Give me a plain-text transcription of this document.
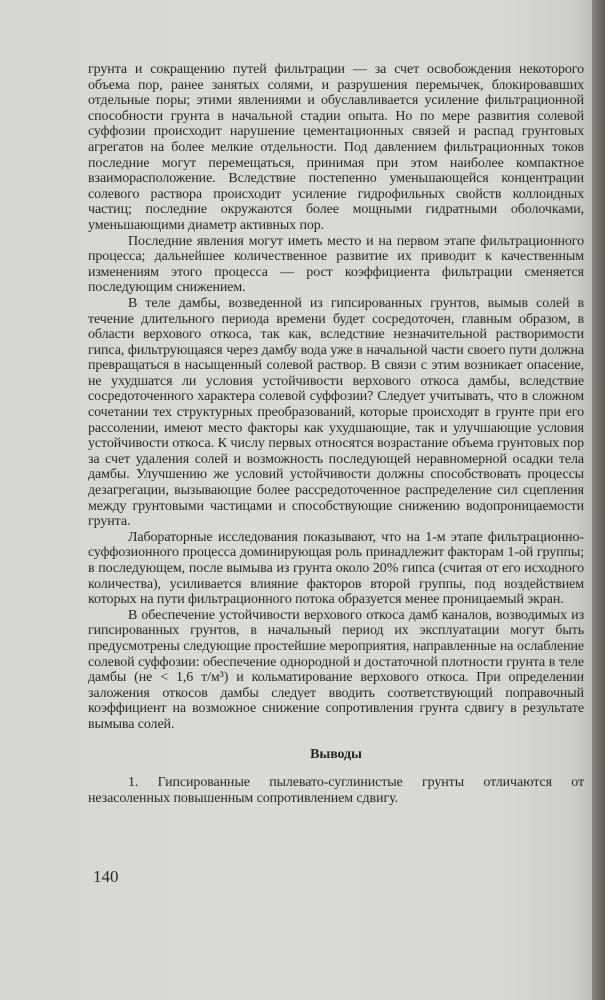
грунта и сокращению путей фильтрации — за счет освобождения некоторого объема пор, ранее занятых солями, и разрушения перемычек, блокировавших отдельные поры; этими явлениями и обуславливается усиление фильтрационной способности грунта в начальной стадии опыта. Но по мере развития солевой суффозии происходит нарушение цементационных связей и распад грунтовых агрегатов на более мелкие отдельности. Под давлением фильтрационных токов последние могут перемещаться, принимая при этом наиболее компактное взаиморасположение. Вследствие постепенно уменьшающейся концентрации солевого раствора происходит усиление гидрофильных свойств коллоидных частиц; последние окружаются более мощными гидратными оболочками, уменьшающими диаметр активных пор.

Последние явления могут иметь место и на первом этапе фильтрационного процесса; дальнейшее количественное развитие их приводит к качественным изменениям этого процесса — рост коэффициента фильтрации сменяется последующим снижением.

В теле дамбы, возведенной из гипсированных грунтов, вымыв солей в течение длительного периода времени будет сосредоточен, главным образом, в области верхового откоса, так как, вследствие незначительной растворимости гипса, фильтрующаяся через дамбу вода уже в начальной части своего пути должна превращаться в насыщенный солевой раствор. В связи с этим возникает опасение, не ухудшатся ли условия устойчивости верхового откоса дамбы, вследствие сосредоточенного характера солевой суффозии? Следует учитывать, что в сложном сочетании тех структурных преобразований, которые происходят в грунте при его рассолении, имеют место факторы как ухудшающие, так и улучшающие условия устойчивости откоса. К числу первых относятся возрастание объема грунтовых пор за счет удаления солей и возможность последующей неравномерной осадки тела дамбы. Улучшению же условий устойчивости должны способствовать процессы дезагрегации, вызывающие более рассредоточенное распределение сил сцепления между грунтовыми частицами и способствующие снижению водопроницаемости грунта.

Лабораторные исследования показывают, что на 1-м этапе фильтрационно-суффозионного процесса доминирующая роль принадлежит факторам 1-ой группы; в последующем, после вымыва из грунта около 20% гипса (считая от его исходного количества), усиливается влияние факторов второй группы, под воздействием которых на пути фильтрационного потока образуется менее проницаемый экран.

В обеспечение устойчивости верхового откоса дамб каналов, возводимых из гипсированных грунтов, в начальный период их эксплуатации могут быть предусмотрены следующие простейшие мероприятия, направленные на ослабление солевой суффозии: обеспечение однородной и достаточной плотности грунта в теле дамбы (не < 1,6 т/м³) и кольматирование верхового откоса. При определении заложения откосов дамбы следует вводить соответствующий поправочный коэффициент на возможное снижение сопротивления грунта сдвигу в результате вымыва солей.

Выводы

1. Гипсированные пылевато-суглинистые грунты отличаются от незасоленных повышенным сопротивлением сдвигу.

140
